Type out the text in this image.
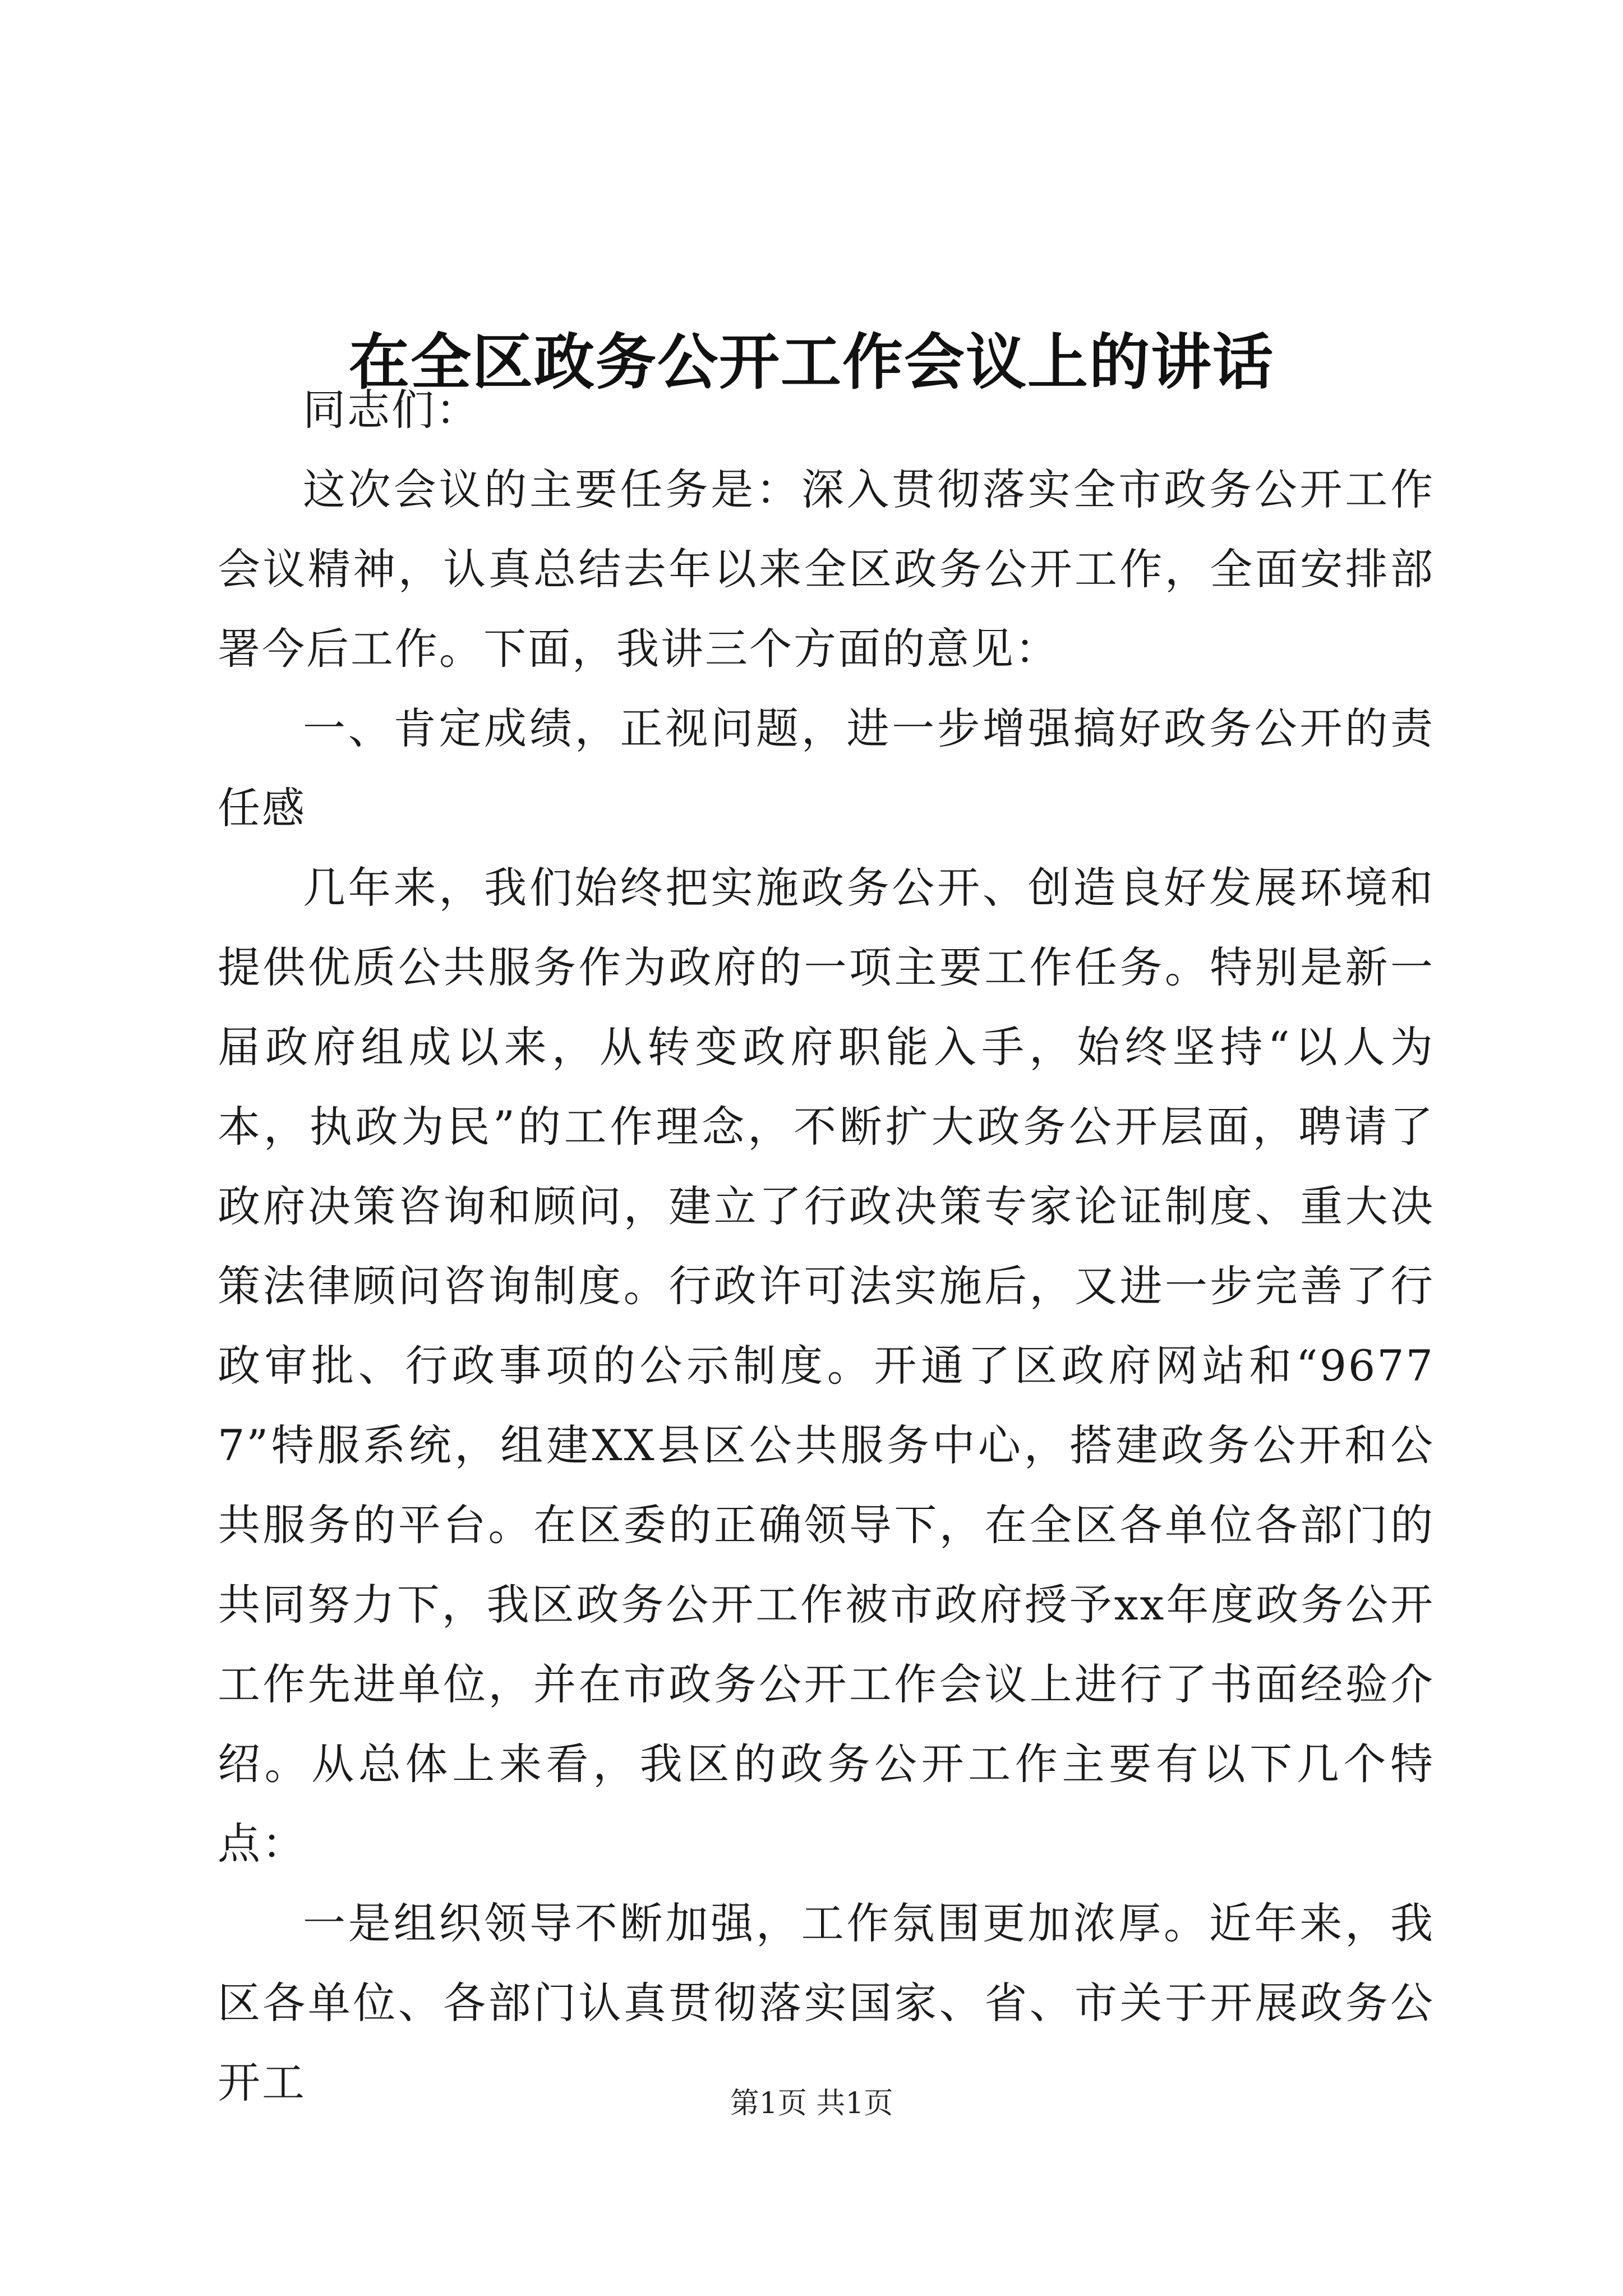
在全区政务公开工作会议上的讲话

同志们：

这次会议的主要任务是：深入贯彻落实全市政务公开工作会议精神，认真总结去年以来全区政务公开工作，全面安排部署今后工作。下面，我讲三个方面的意见：

一、肯定成绩，正视问题，进一步增强搞好政务公开的责任感

几年来，我们始终把实施政务公开、创造良好发展环境和提供优质公共服务作为政府的一项主要工作任务。特别是新一届政府组成以来，从转变政府职能入手，始终坚持“以人为本，执政为民”的工作理念，不断扩大政务公开层面，聘请了政府决策咨询和顾问，建立了行政决策专家论证制度、重大决策法律顾问咨询制度。行政许可法实施后，又进一步完善了行政审批、行政事项的公示制度。开通了区政府网站和“96777”特服系统，组建XX县区公共服务中心，搭建政务公开和公共服务的平台。在区委的正确领导下，在全区各单位各部门的共同努力下，我区政务公开工作被市政府授予xx年度政务公开工作先进单位，并在市政务公开工作会议上进行了书面经验介绍。从总体上来看，我区的政务公开工作主要有以下几个特点：

一是组织领导不断加强，工作氛围更加浓厚。近年来，我区各单位、各部门认真贯彻落实国家、省、市关于开展政务公开工	第1页 共1页
